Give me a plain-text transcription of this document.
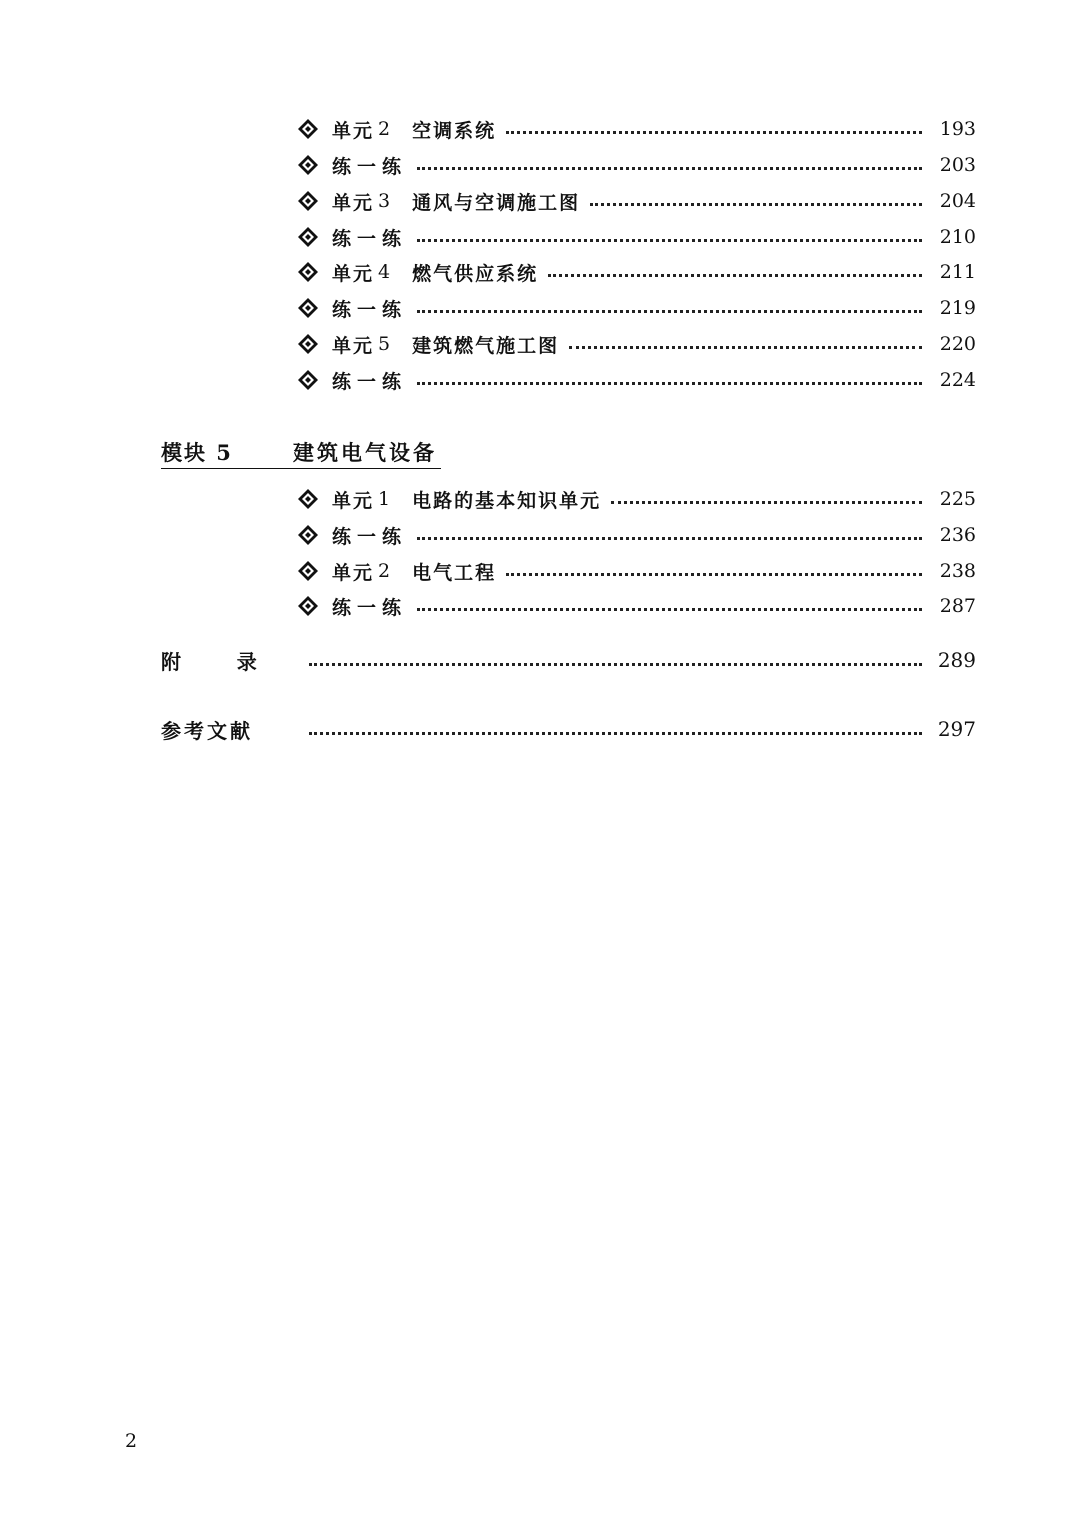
单元 2 空调系统	193
练一练	203
单元 3 通风与空调施工图	204
练一练	210
单元 4 燃气供应系统	211
练一练	219
单元 5 建筑燃气施工图	220
练一练	224
模块 5	建筑电气设备
单元 1 电路的基本知识单元	225
练一练	236
单元 2 电气工程	238
练一练	287
附        录	289
参考文献	297
2
